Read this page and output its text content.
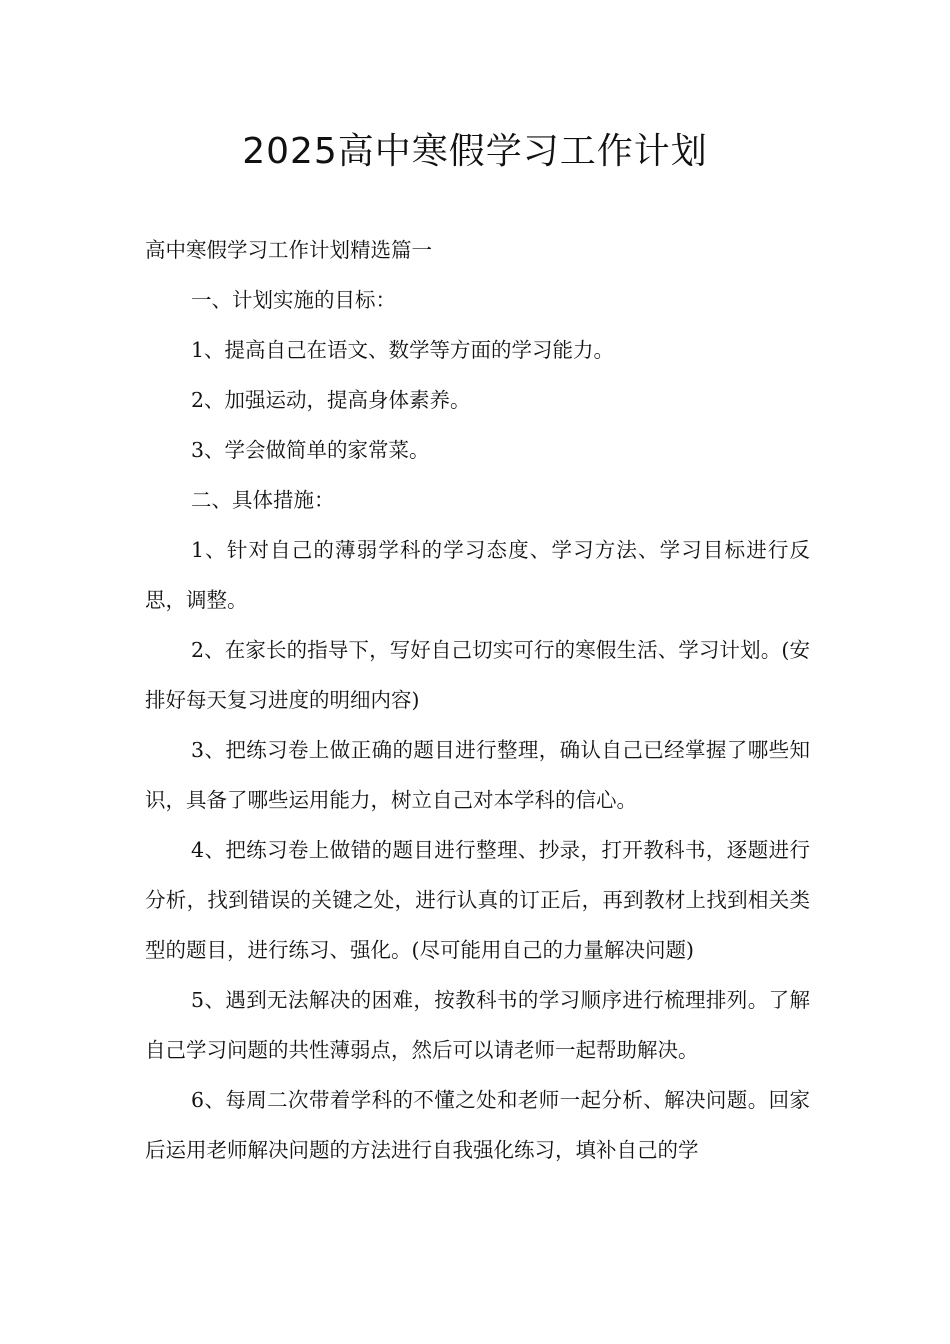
2025高中寒假学习工作计划

高中寒假学习工作计划精选篇一

一、计划实施的目标：

1、提高自己在语文、数学等方面的学习能力。

2、加强运动，提高身体素养。

3、学会做简单的家常菜。

二、具体措施：

1、针对自己的薄弱学科的学习态度、学习方法、学习目标进行反思，调整。

2、在家长的指导下，写好自己切实可行的寒假生活、学习计划。(安排好每天复习进度的明细内容)

3、把练习卷上做正确的题目进行整理，确认自己已经掌握了哪些知识，具备了哪些运用能力，树立自己对本学科的信心。

4、把练习卷上做错的题目进行整理、抄录，打开教科书，逐题进行分析，找到错误的关键之处，进行认真的订正后，再到教材上找到相关类型的题目，进行练习、强化。(尽可能用自己的力量解决问题)

5、遇到无法解决的困难，按教科书的学习顺序进行梳理排列。了解自己学习问题的共性薄弱点，然后可以请老师一起帮助解决。

6、每周二次带着学科的不懂之处和老师一起分析、解决问题。回家后运用老师解决问题的方法进行自我强化练习，填补自己的学
